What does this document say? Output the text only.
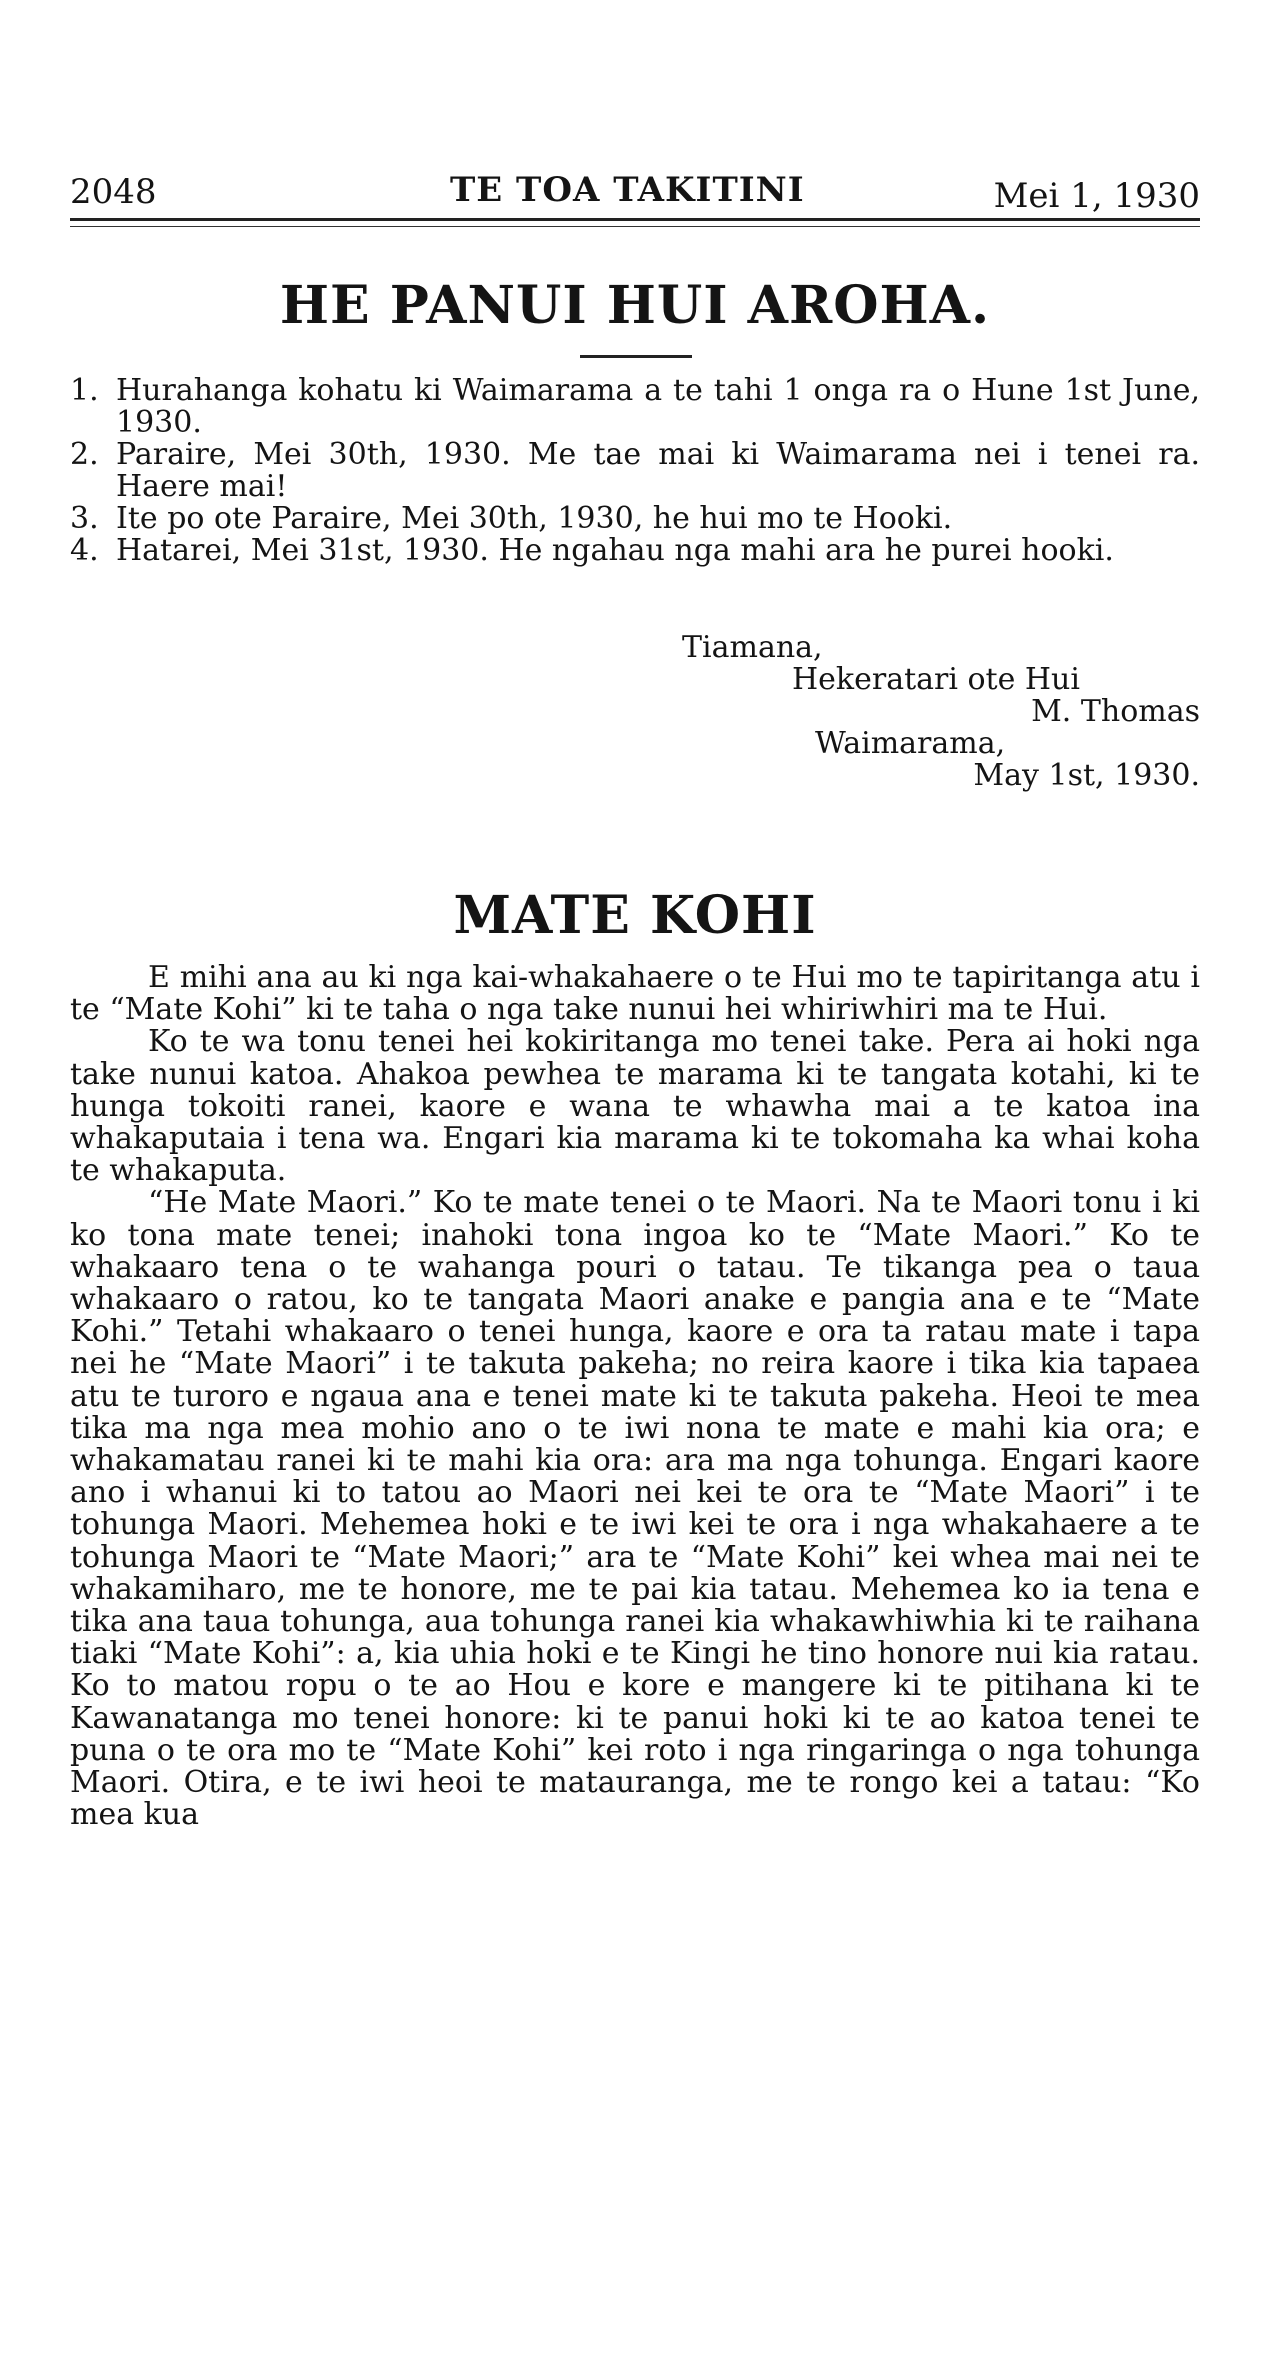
2048	TE TOA TAKITINI	Mei 1, 1930
HE PANUI HUI AROHA.
1. Hurahanga kohatu ki Waimarama a te tahi 1 onga ra o Hune 1st June, 1930.
2. Paraire, Mei 30th, 1930. Me tae mai ki Waimarama nei i tenei ra. Haere mai!
3. Ite po ote Paraire, Mei 30th, 1930, he hui mo te Hooki.
4. Hatarei, Mei 31st, 1930. He ngahau nga mahi ara he purei hooki.
Tiamana,
Hekeratari ote Hui
M. Thomas
Waimarama,
May 1st, 1930.
MATE KOHI

E mihi ana au ki nga kai-whakahaere o te Hui mo te tapiritanga atu i te “Mate Kohi” ki te taha o nga take nunui hei whiriwhiri ma te Hui.

Ko te wa tonu tenei hei kokiritanga mo tenei take. Pera ai hoki nga take nunui katoa. Ahakoa pewhea te marama ki te tangata kotahi, ki te hunga tokoiti ranei, kaore e wana te whawha mai a te katoa ina whakaputaia i tena wa. Engari kia marama ki te tokomaha ka whai koha te whakaputa.

“He Mate Maori.” Ko te mate tenei o te Maori. Na te Maori tonu i ki ko tona mate tenei; inahoki tona ingoa ko te “Mate Maori.” Ko te whakaaro tena o te wahanga pouri o tatau. Te tikanga pea o taua whakaaro o ratou, ko te tangata Maori anake e pangia ana e te “Mate Kohi.” Tetahi whakaaro o tenei hunga, kaore e ora ta ratau mate i tapa nei he “Mate Maori” i te takuta pakeha; no reira kaore i tika kia tapaea atu te turoro e ngaua ana e tenei mate ki te takuta pakeha. Heoi te mea tika ma nga mea mohio ano o te iwi nona te mate e mahi kia ora; e whakamatau ranei ki te mahi kia ora: ara ma nga tohunga. Engari kaore ano i whanui ki to tatou ao Maori nei kei te ora te “Mate Maori” i te tohunga Maori. Mehemea hoki e te iwi kei te ora i nga whakahaere a te tohunga Maori te “Mate Maori;” ara te “Mate Kohi” kei whea mai nei te whakamiharo, me te honore, me te pai kia tatau. Mehemea ko ia tena e tika ana taua tohunga, aua tohunga ranei kia whakawhiwhia ki te raihana tiaki “Mate Kohi”: a, kia uhia hoki e te Kingi he tino honore nui kia ratau. Ko to matou ropu o te ao Hou e kore e mangere ki te pitihana ki te Kawanatanga mo tenei honore: ki te panui hoki ki te ao katoa tenei te puna o te ora mo te “Mate Kohi” kei roto i nga ringaringa o nga tohunga Maori. Otira, e te iwi heoi te matauranga, me te rongo kei a tatau: “Ko mea kua
